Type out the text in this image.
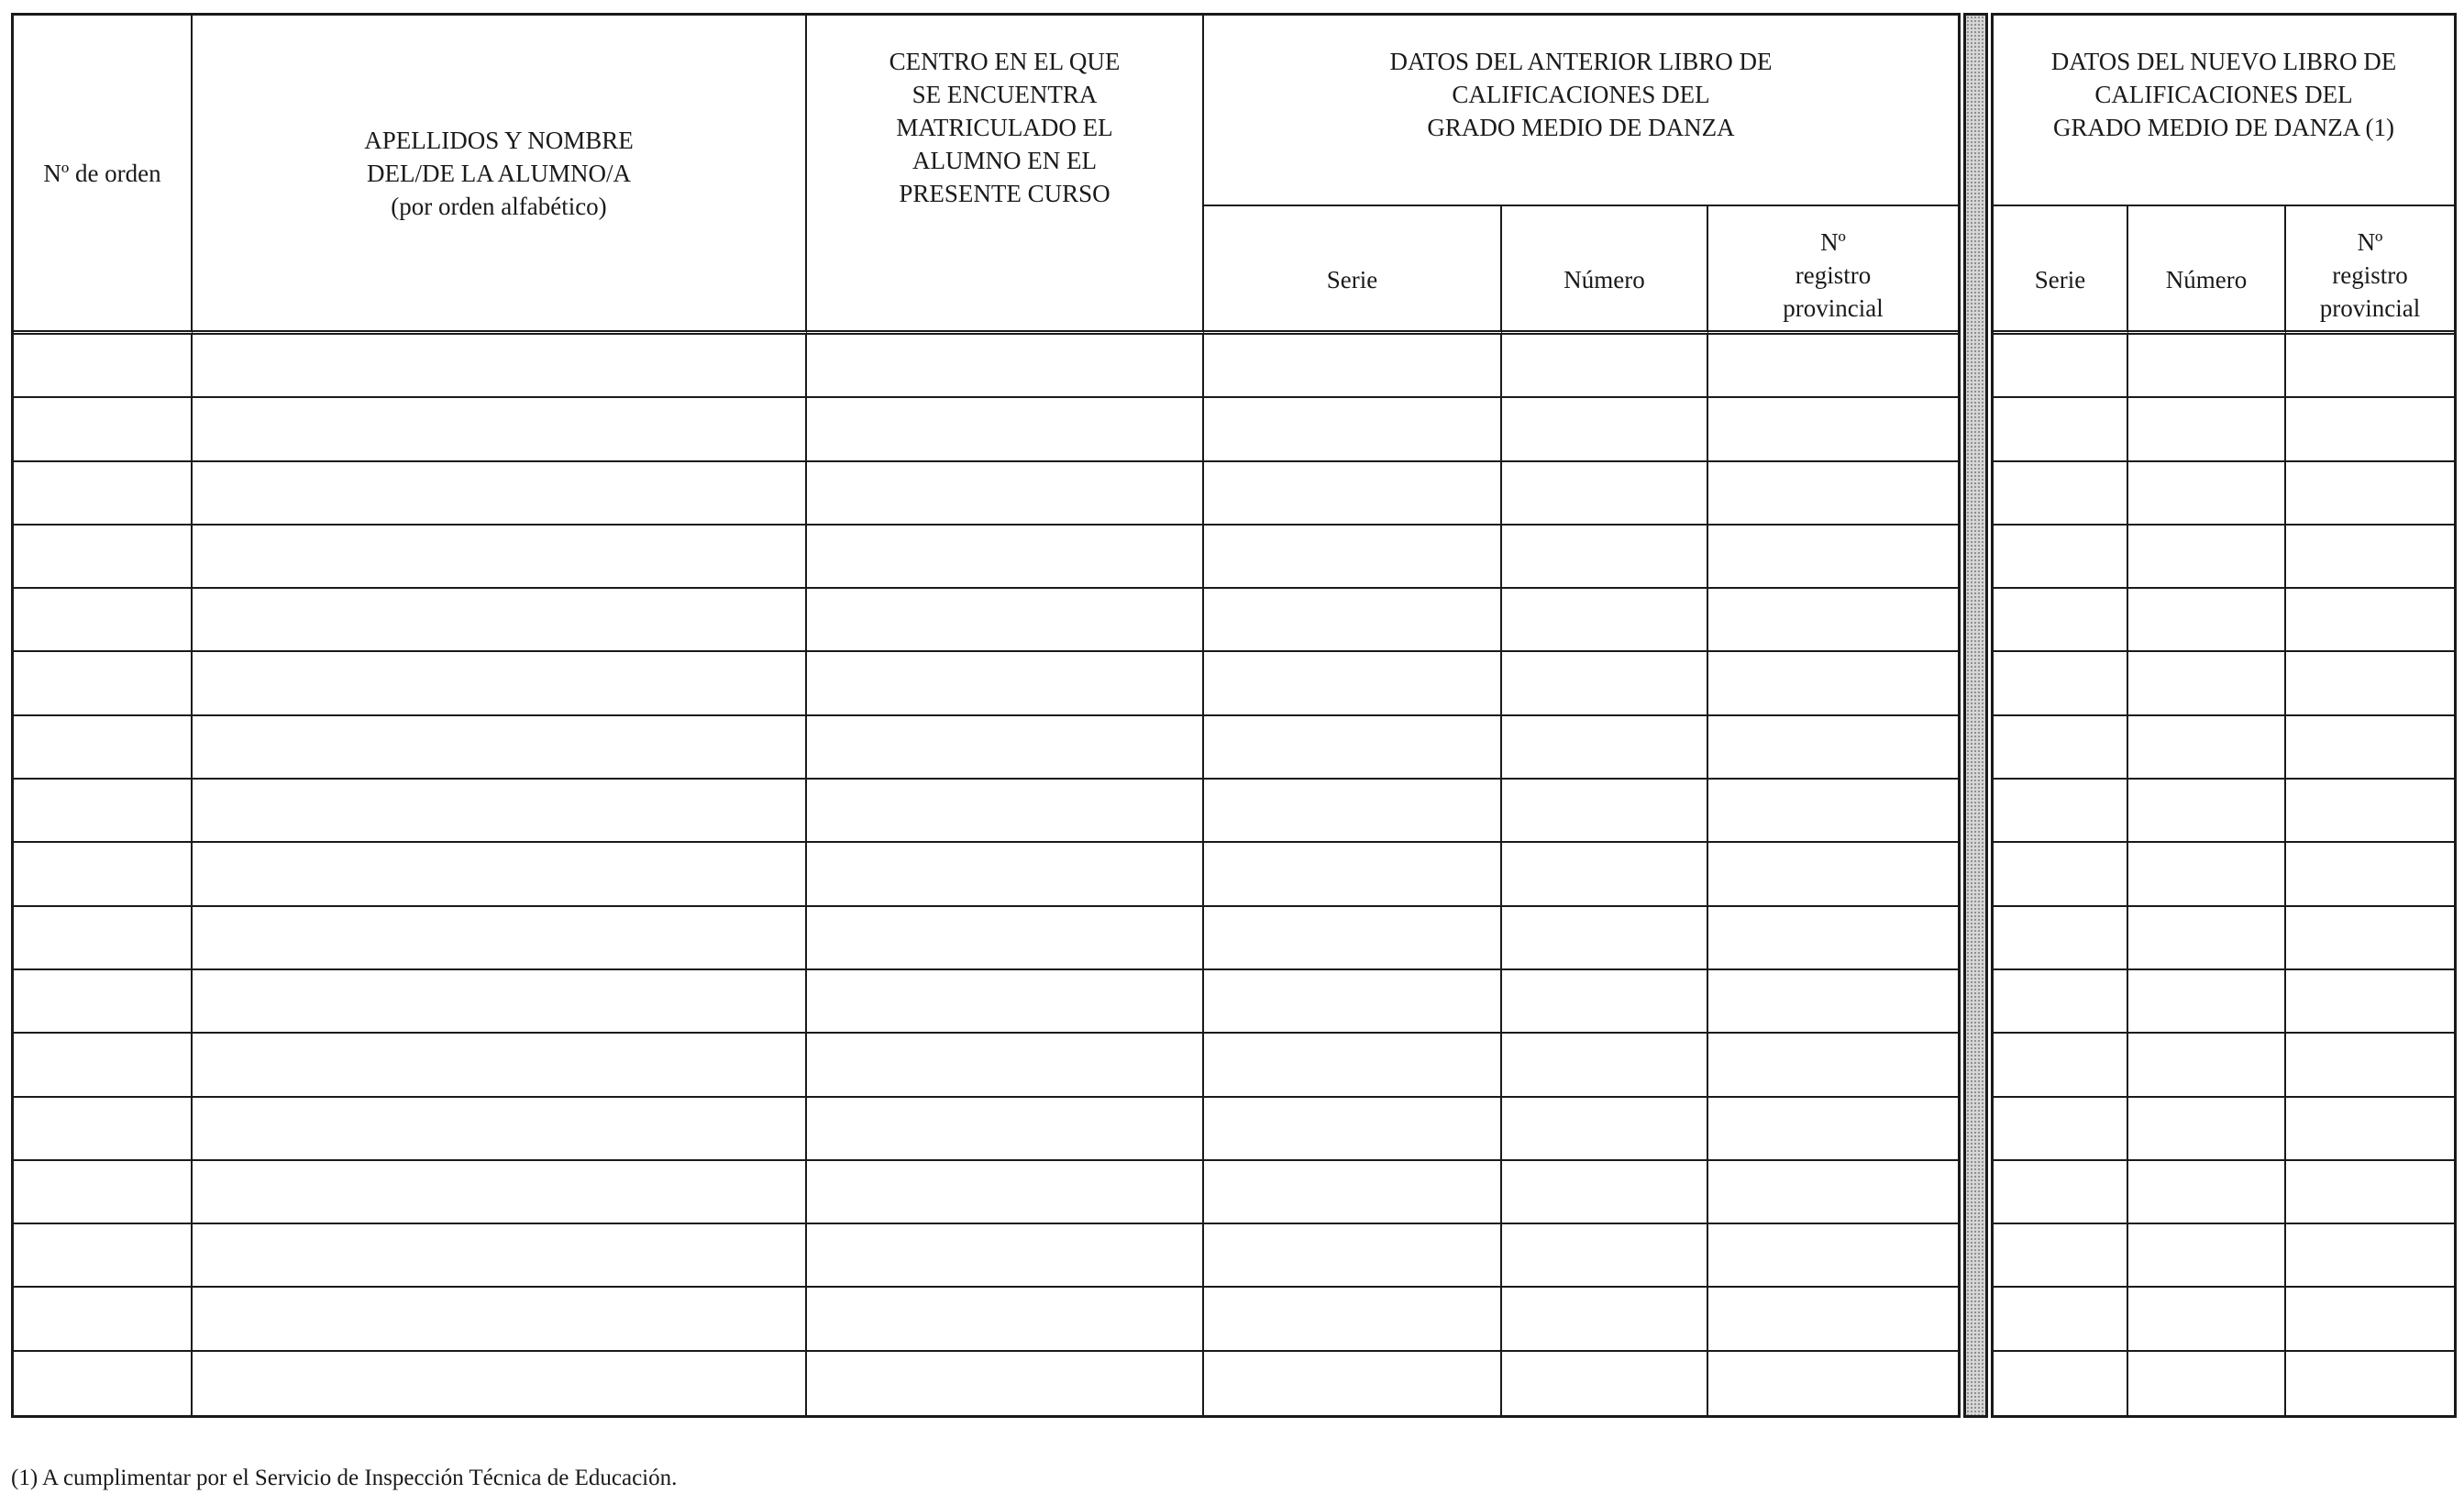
Nº de orden
APELLIDOS Y NOMBRE
DEL/DE LA ALUMNO/A
(por orden alfabético)
CENTRO EN EL QUE
SE ENCUENTRA
MATRICULADO EL
ALUMNO EN EL
PRESENTE CURSO
DATOS DEL ANTERIOR LIBRO DE
CALIFICACIONES DEL
GRADO MEDIO DE DANZA
Serie	Número
Nº
registro
provincial
DATOS DEL NUEVO LIBRO DE
CALIFICACIONES DEL
GRADO MEDIO DE DANZA (1)
Serie	Número
Nº
registro
provincial
(1) A cumplimentar por el Servicio de Inspección Técnica de Educación.
